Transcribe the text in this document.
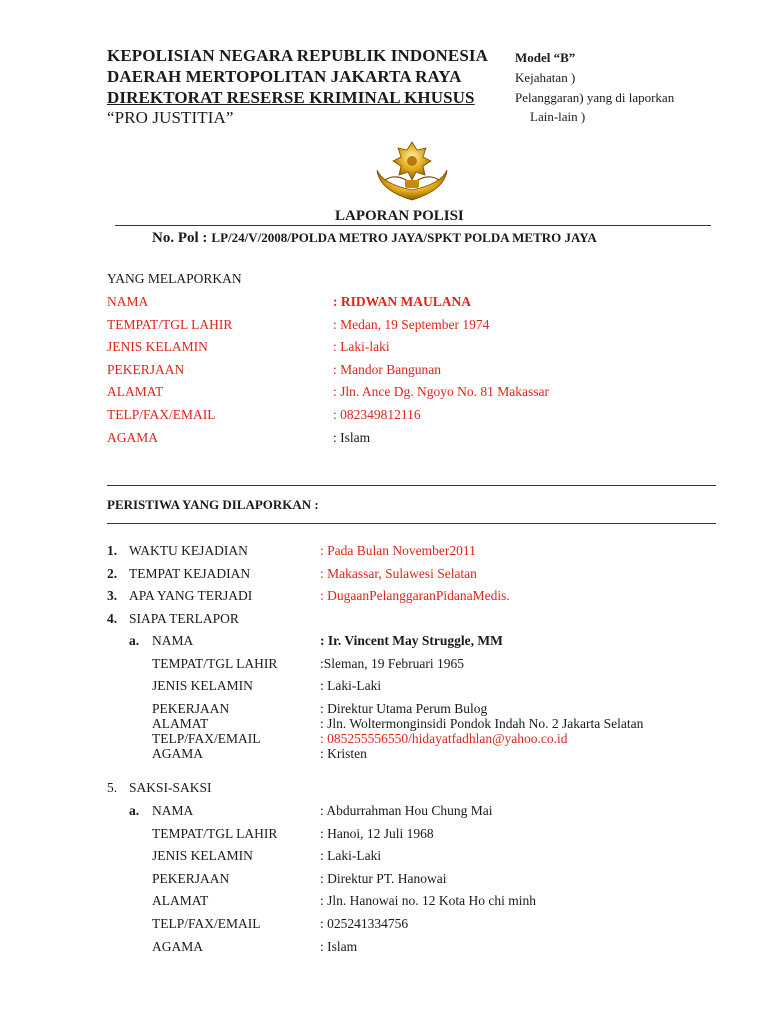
KEPOLISIAN NEGARA REPUBLIK INDONESIA
DAERAH MERTOPOLITAN JAKARTA RAYA
DIREKTORAT RESERSE KRIMINAL KHUSUS
“PRO JUSTITIA”
Model “B”
Kejahatan )
Pelanggaran) yang di laporkan
Lain-lain )
LAPORAN POLISI
No. Pol : LP/24/V/2008/POLDA METRO JAYA/SPKT POLDA METRO JAYA
YANG MELAPORKAN
NAMA	: RIDWAN MAULANA
TEMPAT/TGL LAHIR	: Medan, 19 September 1974
JENIS KELAMIN	: Laki-laki
PEKERJAAN	: Mandor Bangunan
ALAMAT	: Jln. Ance Dg. Ngoyo No. 81 Makassar
TELP/FAX/EMAIL	: 082349812116
AGAMA	: Islam
PERISTIWA YANG DILAPORKAN :
1. WAKTU KEJADIAN	: Pada Bulan November2011
2. TEMPAT KEJADIAN	: Makassar, Sulawesi Selatan
3. APA YANG TERJADI	: DugaanPelanggaranPidanaMedis.
4. SIAPA TERLAPOR
a. NAMA	: Ir. Vincent May Struggle, MM
TEMPAT/TGL LAHIR	:Sleman, 19 Februari 1965
JENIS KELAMIN	: Laki-Laki
PEKERJAAN	: Direktur Utama Perum Bulog
ALAMAT	: Jln. Woltermonginsidi Pondok Indah No. 2 Jakarta Selatan
TELP/FAX/EMAIL	: 085255556550/hidayatfadhlan@yahoo.co.id
AGAMA	: Kristen
5. SAKSI-SAKSI
a. NAMA	: Abdurrahman Hou Chung Mai
TEMPAT/TGL LAHIR	: Hanoi, 12 Juli 1968
JENIS KELAMIN	: Laki-Laki
PEKERJAAN	: Direktur PT. Hanowai
ALAMAT	: Jln. Hanowai no. 12 Kota Ho chi minh
TELP/FAX/EMAIL	: 025241334756
AGAMA	: Islam
